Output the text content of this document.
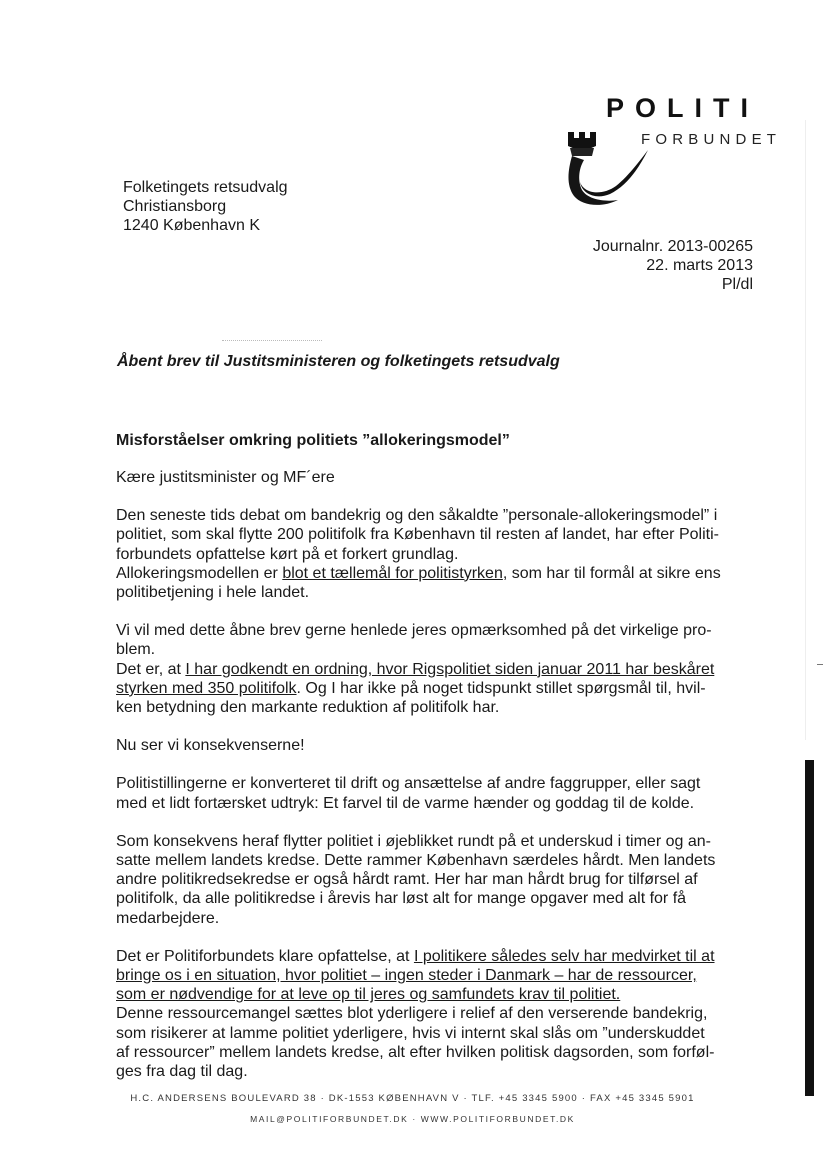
POLITI
FORBUNDET
Folketingets retsudvalg
Christiansborg
1240 København K
Journalnr. 2013-00265
22. marts 2013
Pl/dl
Åbent brev til Justitsministeren og folketingets retsudvalg
Misforståelser omkring politiets ”allokeringsmodel”

Kære justitsminister og MF´ere

Den seneste tids debat om bandekrig og den såkaldte ”personale-allokeringsmodel” i
politiet, som skal flytte 200 politifolk fra København til resten af landet, har efter Politi-
forbundets opfattelse kørt på et forkert grundlag.
Allokeringsmodellen er blot et tællemål for politistyrken, som har til formål at sikre ens
politibetjening i hele landet.

Vi vil med dette åbne brev gerne henlede jeres opmærksomhed på det virkelige pro-
blem.
Det er, at I har godkendt en ordning, hvor Rigspolitiet siden januar 2011 har beskåret
styrken med 350 politifolk. Og I har ikke på noget tidspunkt stillet spørgsmål til, hvil-
ken betydning den markante reduktion af politifolk har.

Nu ser vi konsekvenserne!

Politistillingerne er konverteret til drift og ansættelse af andre faggrupper, eller sagt
med et lidt fortærsket udtryk: Et farvel til de varme hænder og goddag til de kolde.

Som konsekvens heraf flytter politiet i øjeblikket rundt på et underskud i timer og an-
satte mellem landets kredse. Dette rammer København særdeles hårdt. Men landets
andre politikredsekredse er også hårdt ramt. Her har man hårdt brug for tilførsel af
politifolk, da alle politikredse i årevis har løst alt for mange opgaver med alt for få
medarbejdere.

Det er Politiforbundets klare opfattelse, at I politikere således selv har medvirket til at
bringe os i en situation, hvor politiet – ingen steder i Danmark – har de ressourcer,
som er nødvendige for at leve op til jeres og samfundets krav til politiet.
Denne ressourcemangel sættes blot yderligere i relief af den verserende bandekrig,
som risikerer at lamme politiet yderligere, hvis vi internt skal slås om ”underskuddet
af ressourcer” mellem landets kredse, alt efter hvilken politisk dagsorden, som forføl-
ges fra dag til dag.

H.C. ANDERSENS BOULEVARD 38 · DK-1553 KØBENHAVN V · TLF. +45 3345 5900 · FAX +45 3345 5901
MAIL@POLITIFORBUNDET.DK · WWW.POLITIFORBUNDET.DK
